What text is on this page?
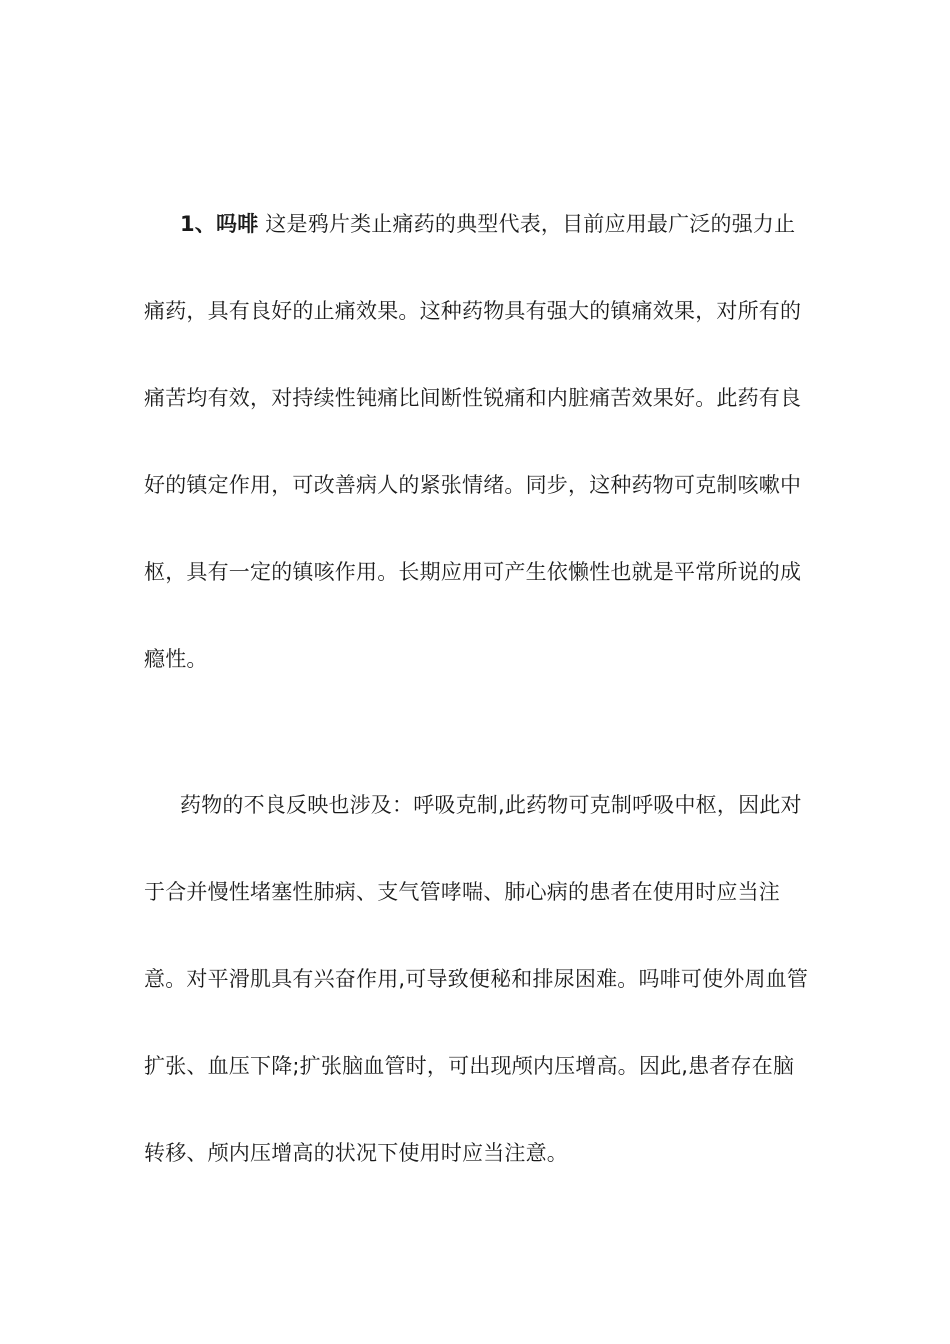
1、吗啡 这是鸦片类止痛药的典型代表，目前应用最广泛的强力止痛药，具有良好的止痛效果。这种药物具有强大的镇痛效果，对所有的痛苦均有效，对持续性钝痛比间断性锐痛和内脏痛苦效果好。此药有良好的镇定作用，可改善病人的紧张情绪。同步，这种药物可克制咳嗽中枢，具有一定的镇咳作用。长期应用可产生依懒性也就是平常所说的成瘾性。

药物的不良反映也涉及：呼吸克制,此药物可克制呼吸中枢，因此对于合并慢性堵塞性肺病、支气管哮喘、肺心病的患者在使用时应当注意。对平滑肌具有兴奋作用,可导致便秘和排尿困难。吗啡可使外周血管扩张、血压下降;扩张脑血管时，可出现颅内压增高。因此,患者存在脑转移、颅内压增高的状况下使用时应当注意。
